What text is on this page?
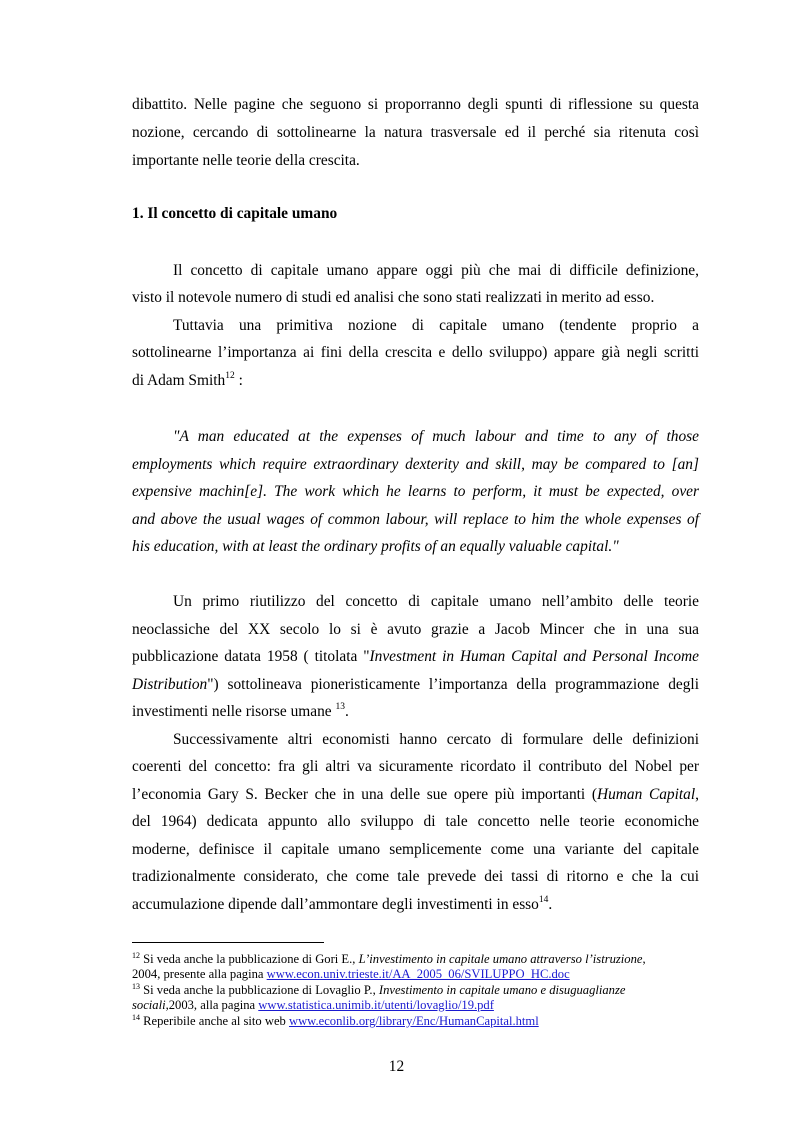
dibattito. Nelle pagine che seguono si proporranno degli spunti di riflessione su questa
nozione, cercando di sottolinearne la natura trasversale ed il perché sia ritenuta così
importante nelle teorie della crescita.
1. Il concetto di capitale umano
Il concetto di capitale umano appare oggi più che mai di difficile definizione,
visto il notevole numero di studi ed analisi che sono stati realizzati in merito ad esso.
Tuttavia una primitiva nozione di capitale umano (tendente proprio a
sottolinearne l’importanza ai fini della crescita e dello sviluppo) appare già negli scritti
di Adam Smith$^{12}$ :
"A man educated at the expenses of much labour and time to any of those
employments which require extraordinary dexterity and skill, may be compared to [an]
expensive machin[e]. The work which he learns to perform, it must be expected, over
and above the usual wages of common labour, will replace to him the whole expenses of
his education, with at least the ordinary profits of an equally valuable capital."
Un primo riutilizzo del concetto di capitale umano nell’ambito delle teorie
neoclassiche del XX secolo lo si è avuto grazie a Jacob Mincer che in una sua
pubblicazione datata 1958 ( titolata "Investment in Human Capital and Personal Income
Distribution") sottolineava pioneristicamente l’importanza della programmazione degli
investimenti nelle risorse umane $^{13}$.
Successivamente altri economisti hanno cercato di formulare delle definizioni
coerenti del concetto: fra gli altri va sicuramente ricordato il contributo del Nobel per
l’economia Gary S. Becker che in una delle sue opere più importanti (Human Capital,
del 1964) dedicata appunto allo sviluppo di tale concetto nelle teorie economiche
moderne, definisce il capitale umano semplicemente come una variante del capitale
tradizionalmente considerato, che come tale prevede dei tassi di ritorno e che la cui
accumulazione dipende dall’ammontare degli investimenti in esso$^{14}$.
$^{12}$ Si veda anche la pubblicazione di Gori E., L’investimento in capitale umano attraverso l’istruzione,
2004, presente alla pagina www.econ.univ.trieste.it/AA_2005_06/SVILUPPO_HC.doc
$^{13}$ Si veda anche la pubblicazione di Lovaglio P., Investimento in capitale umano e disuguaglianze
sociali,2003, alla pagina www.statistica.unimib.it/utenti/lovaglio/19.pdf
$^{14}$ Reperibile anche al sito web www.econlib.org/library/Enc/HumanCapital.html
12
